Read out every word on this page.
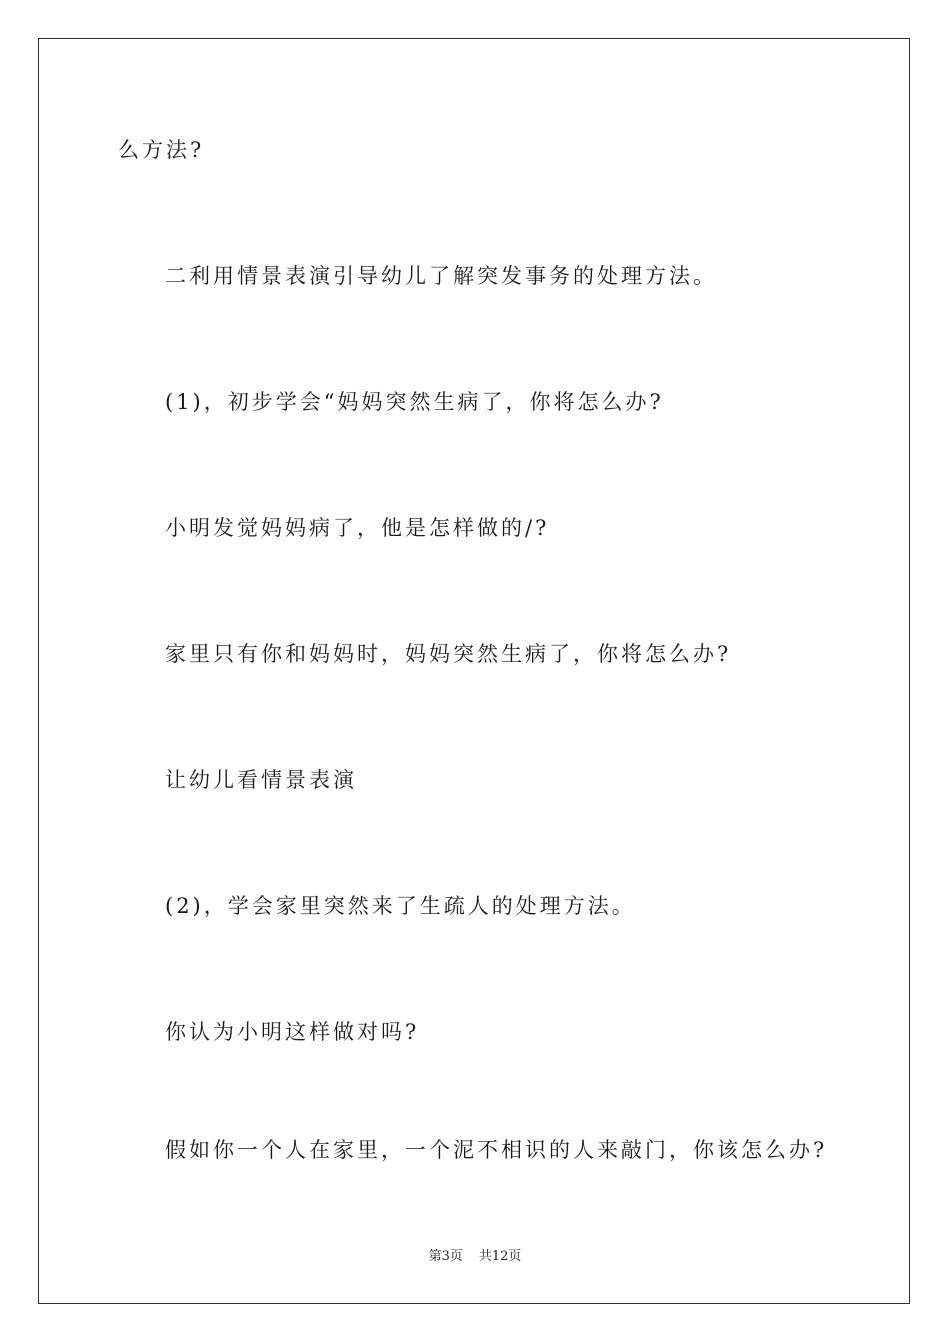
么方法?
二利用情景表演引导幼儿了解突发事务的处理方法。
(1)，初步学会“妈妈突然生病了，你将怎么办?
小明发觉妈妈病了，他是怎样做的/?
家里只有你和妈妈时，妈妈突然生病了，你将怎么办?
让幼儿看情景表演
(2)，学会家里突然来了生疏人的处理方法。
你认为小明这样做对吗?
假如你一个人在家里，一个泥不相识的人来敲门，你该怎么办?
第3页 共12页
